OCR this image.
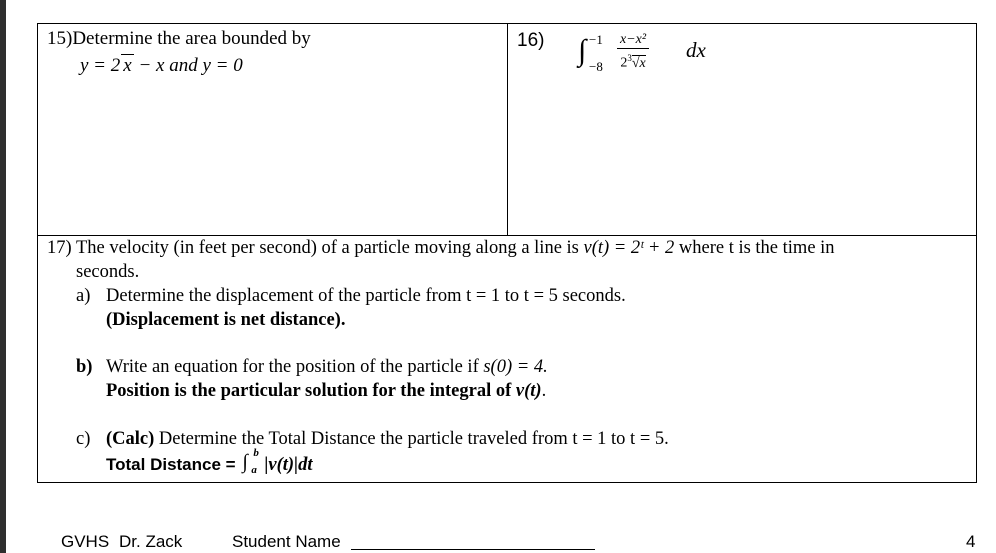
15)Determine the area bounded by
y = 2 x − x and y = 0
16) ∫ −1
$-8 \frac{\text{x−x²}}{2^3√x}$ dx
17) The velocity (in feet per second) of a particle moving along a line is v(t) = 2ᵗ + 2 where t is the time in
seconds.
a) Determine the displacement of the particle from t = 1 to t = 5 seconds.
(Displacement is net distance).
b) Write an equation for the position of the particle if s(0) = 4.
Position is the particular solution for the integral of v(t).
c) (Calc) Determine the Total Distance the particle traveled from t = 1 to t = 5.
Total Distance = ∫ b
a |v(t)|dt
GVHS Dr. Zack	Student Name	4
